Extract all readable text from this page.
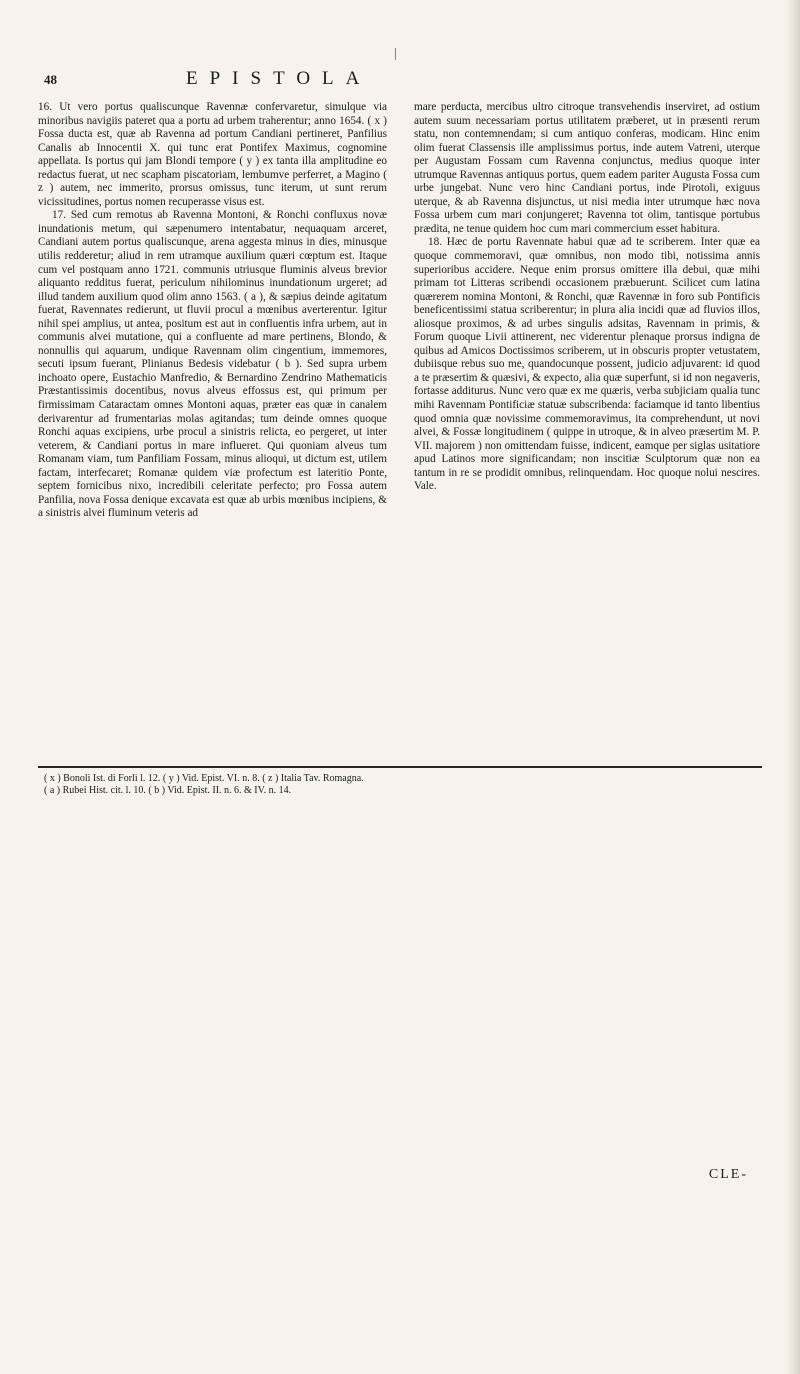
48	EPISTOLA

16. Ut vero portus qualiscunque Ravennæ confervaretur, simulque via minoribus navigiis pateret qua a portu ad urbem traherentur; anno 1654. ( x ) Fossa ducta est, quæ ab Ravenna ad portum Candiani pertineret, Panfilius Canalis ab Innocentii X. qui tunc erat Pontifex Maximus, cognomine appellata. Is portus qui jam Blondi tempore ( y ) ex tanta illa amplitudine eo redactus fuerat, ut nec scapham piscatoriam, lembumve perferret, a Magino ( z ) autem, nec immerito, prorsus omissus, tunc iterum, ut sunt rerum vicissitudines, portus nomen recuperasse visus est.

17. Sed cum remotus ab Ravenna Montoni, & Ronchi confluxus novæ inundationis metum, qui sæpenumero intentabatur, nequaquam arceret, Candiani autem portus qualiscunque, arena aggesta minus in dies, minusque utilis redderetur; aliud in rem utramque auxilium quæri cœptum est. Itaque cum vel postquam anno 1721. communis utriusque fluminis alveus brevior aliquanto redditus fuerat, periculum nihilominus inundationum urgeret; ad illud tandem auxilium quod olim anno 1563. ( a ), & sæpius deinde agitatum fuerat, Ravennates redierunt, ut fluvii procul a mœnibus averterentur. Igitur nihil spei amplius, ut antea, positum est aut in confluentis infra urbem, aut in communis alvei mutatione, qui a confluente ad mare pertinens, Blondo, & nonnullis qui aquarum, undique Ravennam olim cingentium, immemores, secuti ipsum fuerant, Plinianus Bedesis videbatur ( b ). Sed supra urbem inchoato opere, Eustachio Manfredio, & Bernardino Zendrino Mathematicis Præstantissimis docentibus, novus alveus effossus est, qui primum per firmissimam Cataractam omnes Montoni aquas, præter eas quæ in canalem derivarentur ad frumentarias molas agitandas; tum deinde omnes quoque Ronchi aquas excipiens, urbe procul a sinistris relicta, eo pergeret, ut inter veterem, & Candiani portus in mare influeret. Qui quoniam alveus tum Romanam viam, tum Panfiliam Fossam, minus alioqui, ut dictum est, utilem factam, interfecaret; Romanæ quidem viæ profectum est lateritio Ponte, septem fornicibus nixo, incredibili celeritate perfecto; pro Fossa autem Panfilia, nova Fossa denique excavata est quæ ab urbis mœnibus incipiens, & a sinistris alvei fluminum veteris ad

mare perducta, mercibus ultro citroque transvehendis inserviret, ad ostium autem suum necessariam portus utilitatem præberet, ut in præsenti rerum statu, non contemnendam; si cum antiquo conferas, modicam. Hinc enim olim fuerat Classensis ille amplissimus portus, inde autem Vatreni, uterque per Augustam Fossam cum Ravenna conjunctus, medius quoque inter utrumque Ravennas antiquus portus, quem eadem pariter Augusta Fossa cum urbe jungebat. Nunc vero hinc Candiani portus, inde Pirotoli, exiguus uterque, & ab Ravenna disjunctus, ut nisi media inter utrumque hæc nova Fossa urbem cum mari conjungeret; Ravenna tot olim, tantisque portubus prædita, ne tenue quidem hoc cum mari commercium esset habitura.

18. Hæc de portu Ravennate habui quæ ad te scriberem. Inter quæ ea quoque commemoravi, quæ omnibus, non modo tibi, notissima annis superioribus accidere. Neque enim prorsus omittere illa debui, quæ mihi primam tot Litteras scribendi occasionem præbuerunt. Scilicet cum latina quærerem nomina Montoni, & Ronchi, quæ Ravennæ in foro sub Pontificis beneficentissimi statua scriberentur; in plura alia incidi quæ ad fluvios illos, aliosque proximos, & ad urbes singulis adsitas, Ravennam in primis, & Forum quoque Livii attinerent, nec viderentur plenaque prorsus indigna de quibus ad Amicos Doctissimos scriberem, ut in obscuris propter vetustatem, dubiisque rebus suo me, quandocunque possent, judicio adjuvarent: id quod a te præsertim & quæsivi, & expecto, alia quæ superfunt, si id non negaveris, fortasse additurus. Nunc vero quæ ex me quæris, verba subjiciam qualia tunc mihi Ravennam Pontificiæ statuæ subscribenda: faciamque id tanto libentius quod omnia quæ novissime commemoravimus, ita comprehendunt, ut novi alvei, & Fossæ longitudinem ( quippe in utroque, & in alveo præsertim M. P. VII. majorem ) non omittendam fuisse, indicent, eamque per siglas usitatiore apud Latinos more significandam; non inscitiæ Sculptorum quæ non ea tantum in re se prodidit omnibus, relinquendam. Hoc quoque nolui nescires. Vale.

( x ) Bonoli Ist. di Forlì l. 12. ( y ) Vid. Epist. VI. n. 8. ( z ) Italia Tav. Romagna.
( a ) Rubei Hist. cit. l. 10. ( b ) Vid. Epist. II. n. 6. & IV. n. 14.
CLE-
